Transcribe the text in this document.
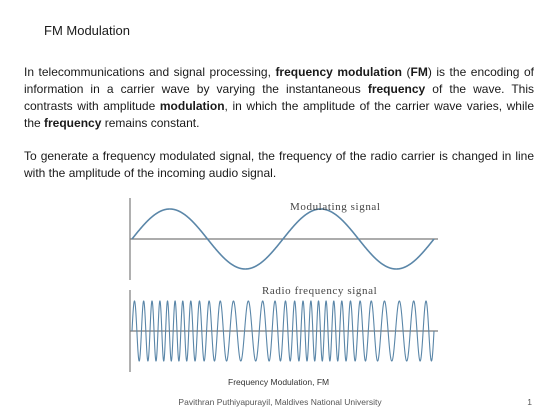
FM Modulation

In telecommunications and signal processing, frequency modulation (FM) is the encoding of information in a carrier wave by varying the instantaneous frequency of the wave. This contrasts with amplitude modulation, in which the amplitude of the carrier wave varies, while the frequency remains constant.

To generate a frequency modulated signal, the frequency of the radio carrier is changed in line with the amplitude of the incoming audio signal.

Modulating signal
Radio frequency signal
Frequency Modulation, FM

Pavithran Puthiyapurayil, Maldives National University	1
